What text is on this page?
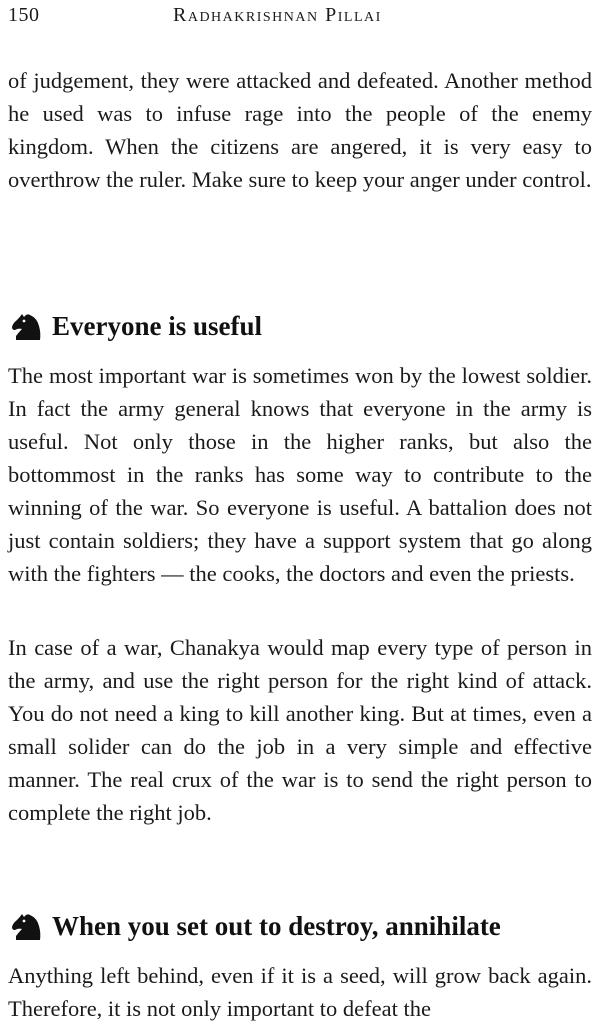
150	Radhakrishnan Pillai

of judgement, they were attacked and defeated. Another method he used was to infuse rage into the people of the enemy kingdom. When the citizens are angered, it is very easy to overthrow the ruler. Make sure to keep your anger under control.

Everyone is useful

The most important war is sometimes won by the lowest soldier. In fact the army general knows that everyone in the army is useful. Not only those in the higher ranks, but also the bottommost in the ranks has some way to contribute to the winning of the war. So everyone is useful. A battalion does not just contain soldiers; they have a support system that go along with the fighters — the cooks, the doctors and even the priests.

In case of a war, Chanakya would map every type of person in the army, and use the right person for the right kind of attack. You do not need a king to kill another king. But at times, even a small solider can do the job in a very simple and effective manner. The real crux of the war is to send the right person to complete the right job.

When you set out to destroy, annihilate

Anything left behind, even if it is a seed, will grow back again. Therefore, it is not only important to defeat the
